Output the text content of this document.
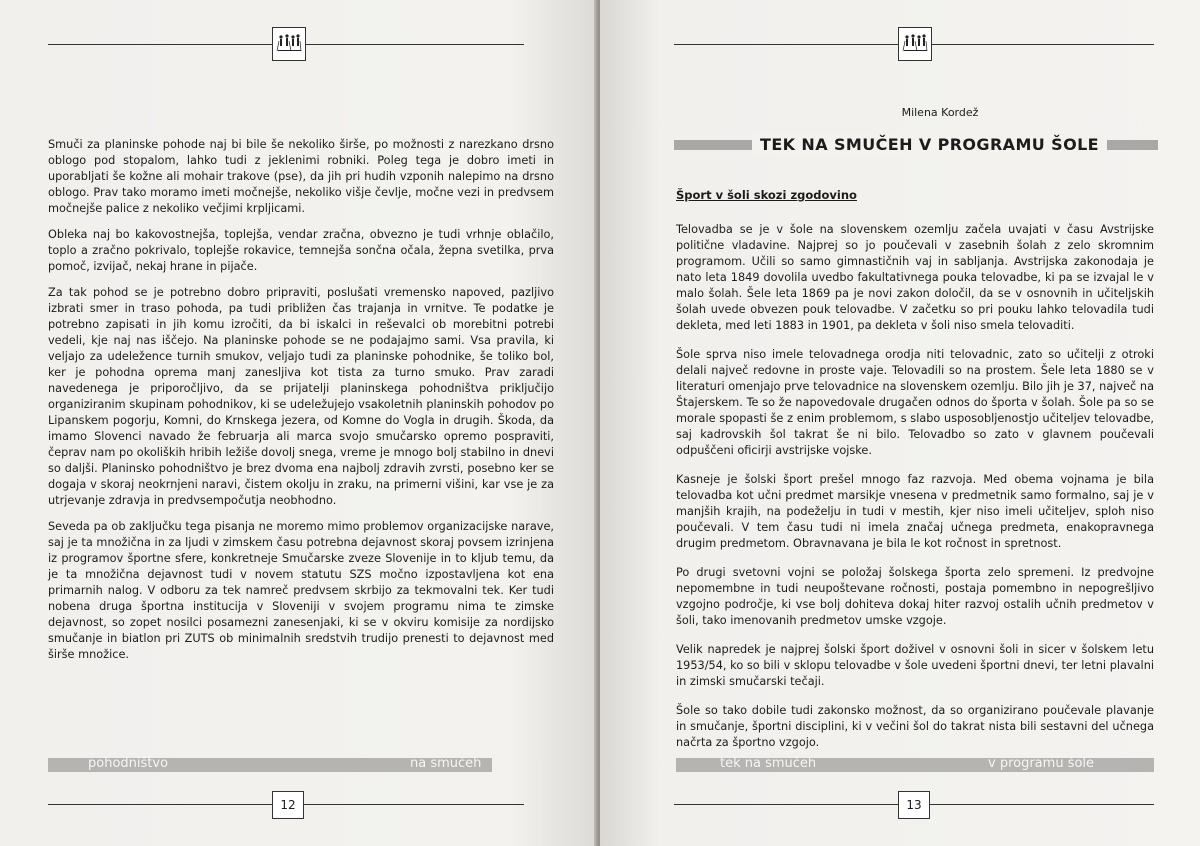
Smuči za planinske pohode naj bi bile še nekoliko širše, po možnosti z narezkano drsno oblogo pod stopalom, lahko tudi z jeklenimi robniki. Poleg tega je dobro imeti in uporabljati še kožne ali mohair trakove (pse), da jih pri hudih vzponih nalepimo na drsno oblogo. Prav tako moramo imeti močnejše, nekoliko višje čevlje, močne vezi in predvsem močnejše palice z nekoliko večjimi krpljicami.

Obleka naj bo kakovostnejša, toplejša, vendar zračna, obvezno je tudi vrhnje oblačilo, toplo a zračno pokrivalo, toplejše rokavice, temnejša sončna očala, žepna svetilka, prva pomoč, izvijač, nekaj hrane in pijače.

Za tak pohod se je potrebno dobro pripraviti, poslušati vremensko napoved, pazljivo izbrati smer in traso pohoda, pa tudi približen čas trajanja in vrnitve. Te podatke je potrebno zapisati in jih komu izročiti, da bi iskalci in reševalci ob morebitni potrebi vedeli, kje naj nas iščejo. Na planinske pohode se ne podajajmo sami. Vsa pravila, ki veljajo za udeležence turnih smukov, veljajo tudi za planinske pohodnike, še toliko bol, ker je pohodna oprema manj zanesljiva kot tista za turno smuko. Prav zaradi navedenega je priporočljivo, da se prijatelji planinskega pohodništva priključijo organiziranim skupinam pohodnikov, ki se udeležujejo vsakoletnih planinskih pohodov po Lipanskem pogorju, Komni, do Krnskega jezera, od Komne do Vogla in drugih. Škoda, da imamo Slovenci navado že februarja ali marca svojo smučarsko opremo pospraviti, čeprav nam po okoliških hribih ležiše dovolj snega, vreme je mnogo bolj stabilno in dnevi so daljši. Planinsko pohodništvo je brez dvoma ena najbolj zdravih zvrsti, posebno ker se dogaja v skoraj neokrnjeni naravi, čistem okolju in zraku, na primerni višini, kar vse je za utrjevanje zdravja in predvsempočutja neobhodno.

Seveda pa ob zaključku tega pisanja ne moremo mimo problemov organizacijske narave, saj je ta množična in za ljudi v zimskem času potrebna dejavnost skoraj povsem izrinjena iz programov športne sfere, konkretneje Smučarske zveze Slovenije in to kljub temu, da je ta množična dejavnost tudi v novem statutu SZS močno izpostavljena kot ena primarnih nalog. V odboru za tek namreč predvsem skrbijo za tekmovalni tek. Ker tudi nobena druga športna institucija v Sloveniji v svojem programu nima te zimske dejavnost, so zopet nosilci posamezni zanesenjaki, ki se v okviru komisije za nordijsko smučanje in biatlon pri ZUTS ob minimalnih sredstvih trudijo prenesti to dejavnost med širše množice.

pohodništvo	na smučeh
12
Milena Kordež
TEK NA SMUČEH V PROGRAMU ŠOLE
Šport v šoli skozi zgodovino

Telovadba se je v šole na slovenskem ozemlju začela uvajati v času Avstrijske politične vladavine. Najprej so jo poučevali v zasebnih šolah z zelo skromnim programom. Učili so samo gimnastičnih vaj in sabljanja. Avstrijska zakonodaja je nato leta 1849 dovolila uvedbo fakultativnega pouka telovadbe, ki pa se izvajal le v malo šolah. Šele leta 1869 pa je novi zakon določil, da se v osnovnih in učiteljskih šolah uvede obvezen pouk telovadbe. V začetku so pri pouku lahko telovadila tudi dekleta, med leti 1883 in 1901, pa dekleta v šoli niso smela telovaditi.

Šole sprva niso imele telovadnega orodja niti telovadnic, zato so učitelji z otroki delali največ redovne in proste vaje. Telovadili so na prostem. Šele leta 1880 se v literaturi omenjajo prve telovadnice na slovenskem ozemlju. Bilo jih je 37, največ na Štajerskem. Te so že napovedovale drugačen odnos do športa v šolah. Šole pa so se morale spopasti še z enim problemom, s slabo usposobljenostjo učiteljev telovadbe, saj kadrovskih šol takrat še ni bilo. Telovadbo so zato v glavnem poučevali odpuščeni oficirji avstrijske vojske.

Kasneje je šolski šport prešel mnogo faz razvoja. Med obema vojnama je bila telovadba kot učni predmet marsikje vnesena v predmetnik samo formalno, saj je v manjših krajih, na podeželju in tudi v mestih, kjer niso imeli učiteljev, sploh niso poučevali. V tem času tudi ni imela značaj učnega predmeta, enakopravnega drugim predmetom. Obravnavana je bila le kot ročnost in spretnost.

Po drugi svetovni vojni se položaj šolskega športa zelo spremeni. Iz predvojne nepomembne in tudi neupoštevane ročnosti, postaja pomembno in nepogrešljivo vzgojno področje, ki vse bolj dohiteva dokaj hiter razvoj ostalih učnih predmetov v šoli, tako imenovanih predmetov umske vzgoje.

Velik napredek je najprej šolski šport doživel v osnovni šoli in sicer v šolskem letu 1953/54, ko so bili v sklopu telovadbe v šole uvedeni športni dnevi, ter letni plavalni in zimski smučarski tečaji.

Šole so tako dobile tudi zakonsko možnost, da so organizirano poučevale plavanje in smučanje, športni disciplini, ki v večini šol do takrat nista bili sestavni del učnega načrta za športno vzgojo.

tek na smučeh	v programu šole
13
